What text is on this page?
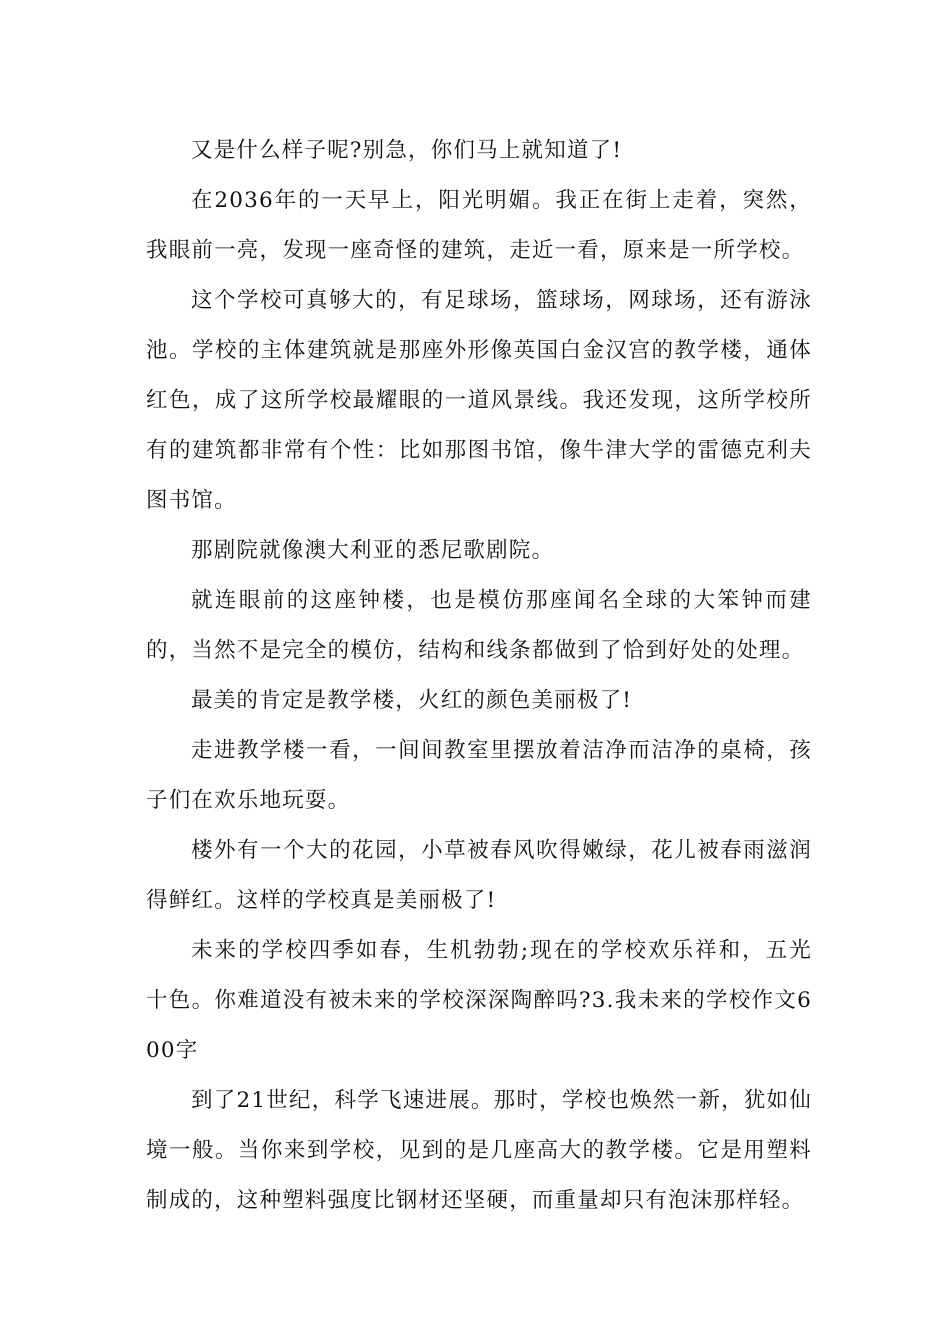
又是什么样子呢?别急，你们马上就知道了!

在2036年的一天早上，阳光明媚。我正在街上走着，突然，我眼前一亮，发现一座奇怪的建筑，走近一看，原来是一所学校。

这个学校可真够大的，有足球场，篮球场，网球场，还有游泳池。学校的主体建筑就是那座外形像英国白金汉宫的教学楼，通体红色，成了这所学校最耀眼的一道风景线。我还发现，这所学校所有的建筑都非常有个性：比如那图书馆，像牛津大学的雷德克利夫图书馆。

那剧院就像澳大利亚的悉尼歌剧院。

就连眼前的这座钟楼，也是模仿那座闻名全球的大笨钟而建的，当然不是完全的模仿，结构和线条都做到了恰到好处的处理。

最美的肯定是教学楼，火红的颜色美丽极了!

走进教学楼一看，一间间教室里摆放着洁净而洁净的桌椅，孩子们在欢乐地玩耍。

楼外有一个大的花园，小草被春风吹得嫩绿，花儿被春雨滋润得鲜红。这样的学校真是美丽极了!

未来的学校四季如春，生机勃勃;现在的学校欢乐祥和，五光十色。你难道没有被未来的学校深深陶醉吗?3.我未来的学校作文600字

到了21世纪，科学飞速进展。那时，学校也焕然一新，犹如仙境一般。当你来到学校，见到的是几座高大的教学楼。它是用塑料制成的，这种塑料强度比钢材还坚硬，而重量却只有泡沫那样轻。
